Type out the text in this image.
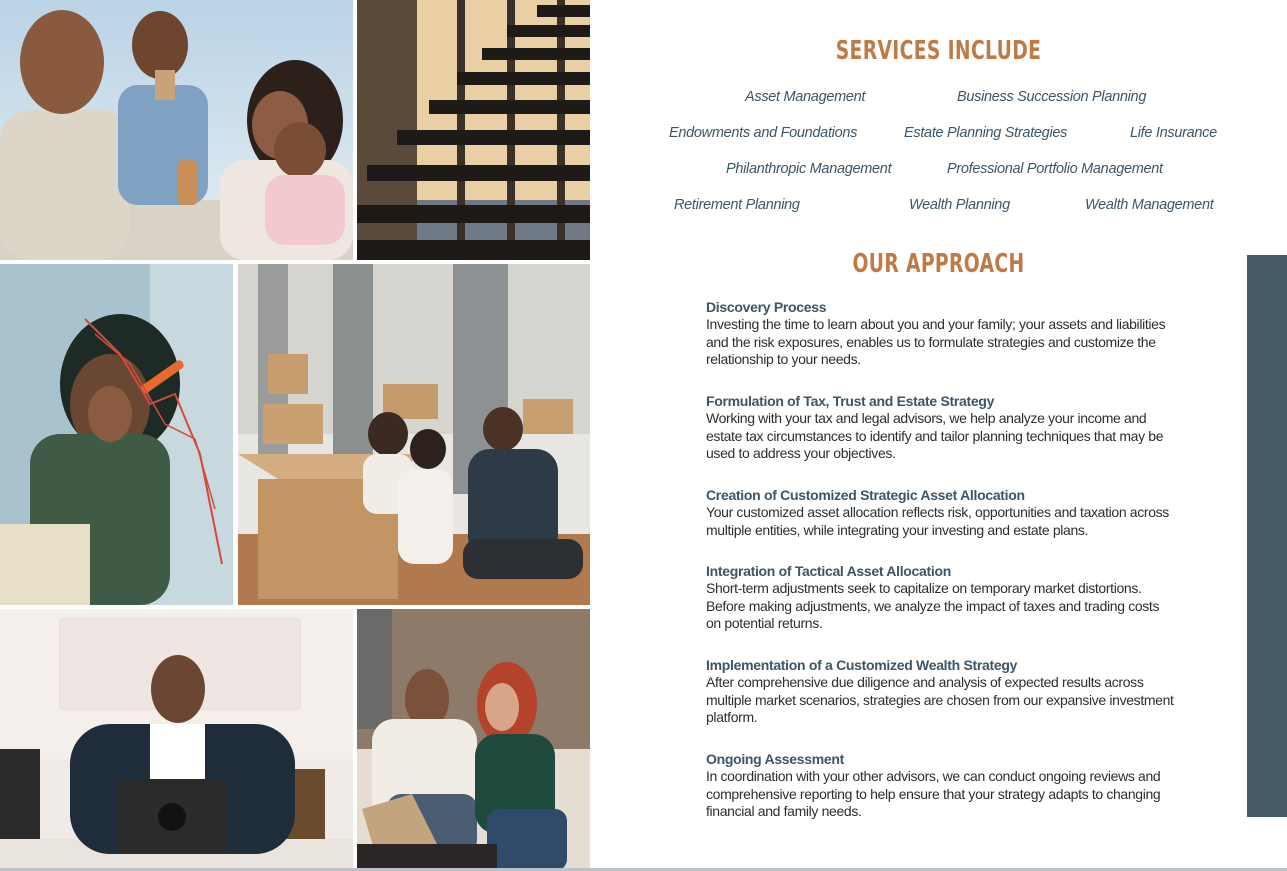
SERVICES INCLUDE
Asset Management	Business Succession Planning
Endowments and Foundations	Estate Planning Strategies	Life Insurance
Philanthropic Management	Professional Portfolio Management
Retirement Planning	Wealth Planning	Wealth Management
OUR APPROACH
Discovery Process
Investing the time to learn about you and your family; your assets and liabilities and the risk exposures, enables us to formulate strategies and customize the relationship to your needs.
Formulation of Tax, Trust and Estate Strategy
Working with your tax and legal advisors, we help analyze your income and estate tax circumstances to identify and tailor planning techniques that may be used to address your objectives.
Creation of Customized Strategic Asset Allocation
Your customized asset allocation reflects risk, opportunities and taxation across multiple entities, while integrating your investing and estate plans.
Integration of Tactical Asset Allocation
Short-term adjustments seek to capitalize on temporary market distortions. Before making adjustments, we analyze the impact of taxes and trading costs on potential returns.
Implementation of a Customized Wealth Strategy
After comprehensive due diligence and analysis of expected results across multiple market scenarios, strategies are chosen from our expansive investment platform.
Ongoing Assessment
In coordination with your other advisors, we can conduct ongoing reviews and comprehensive reporting to help ensure that your strategy adapts to changing financial and family needs.
